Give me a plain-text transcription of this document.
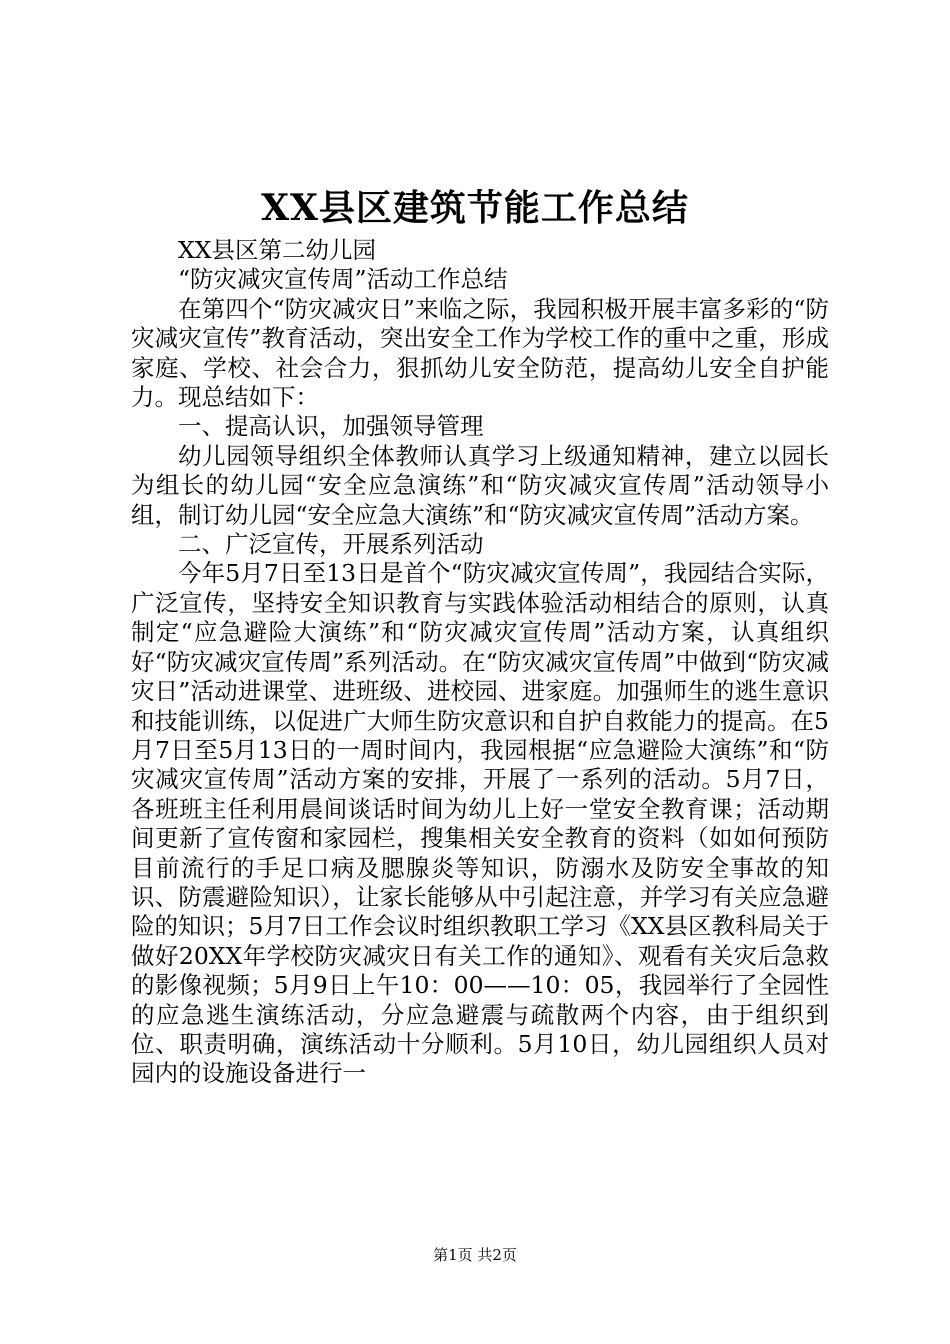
XX县区建筑节能工作总结

XX县区第二幼儿园

“防灾减灾宣传周”活动工作总结

在第四个“防灾减灾日”来临之际，我园积极开展丰富多彩的“防灾减灾宣传”教育活动，突出安全工作为学校工作的重中之重，形成家庭、学校、社会合力，狠抓幼儿安全防范，提高幼儿安全自护能力。现总结如下：

一、提高认识，加强领导管理

幼儿园领导组织全体教师认真学习上级通知精神，建立以园长为组长的幼儿园“安全应急演练”和“防灾减灾宣传周”活动领导小组，制订幼儿园“安全应急大演练”和“防灾减灾宣传周”活动方案。

二、广泛宣传，开展系列活动

今年5月7日至13日是首个“防灾减灾宣传周”，我园结合实际，广泛宣传，坚持安全知识教育与实践体验活动相结合的原则，认真制定“应急避险大演练”和“防灾减灾宣传周”活动方案，认真组织好“防灾减灾宣传周”系列活动。在“防灾减灾宣传周”中做到“防灾减灾日”活动进课堂、进班级、进校园、进家庭。加强师生的逃生意识和技能训练，以促进广大师生防灾意识和自护自救能力的提高。在5月7日至5月13日的一周时间内，我园根据“应急避险大演练”和“防灾减灾宣传周”活动方案的安排，开展了一系列的活动。5月7日，各班班主任利用晨间谈话时间为幼儿上好一堂安全教育课；活动期间更新了宣传窗和家园栏，搜集相关安全教育的资料（如如何预防目前流行的手足口病及腮腺炎等知识，防溺水及防安全事故的知识、防震避险知识），让家长能够从中引起注意，并学习有关应急避险的知识；5月7日工作会议时组织教职工学习《XX县区教科局关于做好20XX年学校防灾减灾日有关工作的通知》、观看有关灾后急救的影像视频；5月9日上午10：00——10：05，我园举行了全园性的应急逃生演练活动，分应急避震与疏散两个内容，由于组织到位、职责明确，演练活动十分顺利。5月10日，幼儿园组织人员对园内的设施设备进行一

第1页 共2页
